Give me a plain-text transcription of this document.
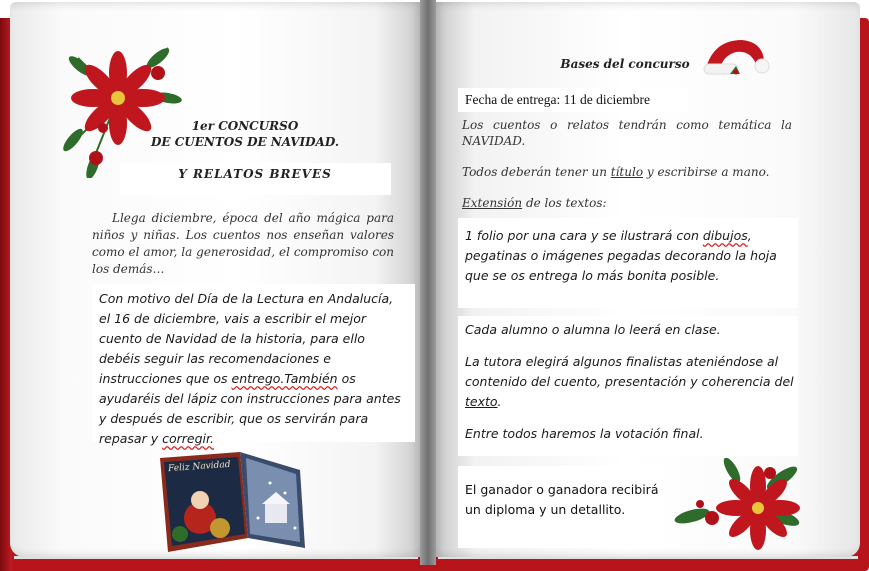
1er CONCURSO
DE CUENTOS DE NAVIDAD.
Y RELATOS BREVES
Llega diciembre, época del año mágica para niños y niñas. Los cuentos nos enseñan valores como el amor, la generosidad, el compromiso con los demás…
Con motivo del Día de la Lectura en Andalucía, el 16 de diciembre, vais a escribir el mejor cuento de Navidad de la historia, para ello debéis seguir las recomendaciones e instrucciones que os entrego.También os ayudaréis del lápiz con instrucciones para antes y después de escribir, que os servirán para repasar y corregir.
Feliz Navidad
Bases del concurso
Fecha de entrega: 11 de diciembre
Los cuentos o relatos tendrán como temática la NAVIDAD.
Todos deberán tener un título y escribirse a mano.
Extensión de los textos:
1 folio por una cara y se ilustrará con dibujos, pegatinas o imágenes pegadas decorando la hoja que se os entrega lo más bonita posible.
Cada alumno o alumna lo leerá en clase.
La tutora elegirá algunos finalistas ateniéndose al contenido del cuento, presentación y coherencia del texto.
Entre todos haremos la votación final.
El ganador o ganadora recibirá un diploma y un detallito.
